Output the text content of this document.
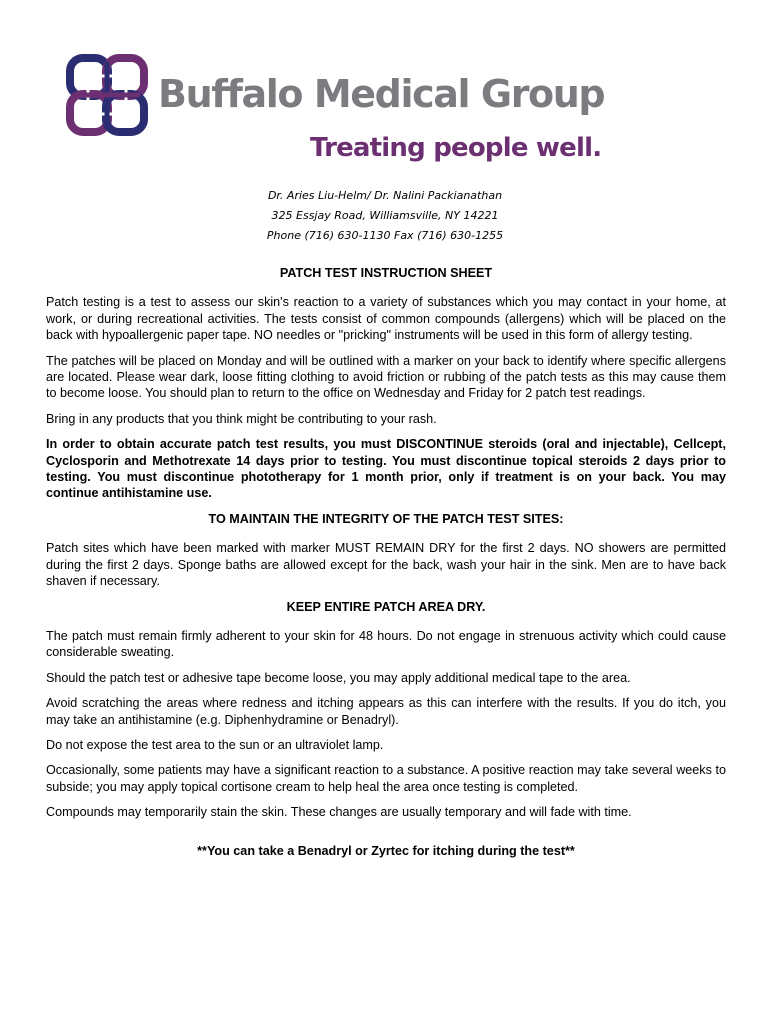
Buffalo Medical Group
Treating people well.
Dr. Aries Liu-Helm/ Dr. Nalini Packianathan
325 Essjay Road, Williamsville, NY 14221
Phone (716) 630-1130 Fax (716) 630-1255

PATCH TEST INSTRUCTION SHEET

Patch testing is a test to assess our skin's reaction to a variety of substances which you may contact in your home, at work, or during recreational activities. The tests consist of common compounds (allergens) which will be placed on the back with hypoallergenic paper tape. NO needles or "pricking" instruments will be used in this form of allergy testing.

The patches will be placed on Monday and will be outlined with a marker on your back to identify where specific allergens are located. Please wear dark, loose fitting clothing to avoid friction or rubbing of the patch tests as this may cause them to become loose. You should plan to return to the office on Wednesday and Friday for 2 patch test readings.

Bring in any products that you think might be contributing to your rash.

In order to obtain accurate patch test results, you must DISCONTINUE steroids (oral and injectable), Cellcept, Cyclosporin and Methotrexate 14 days prior to testing. You must discontinue topical steroids 2 days prior to testing. You must discontinue phototherapy for 1 month prior, only if treatment is on your back. You may continue antihistamine use.

TO MAINTAIN THE INTEGRITY OF THE PATCH TEST SITES:

Patch sites which have been marked with marker MUST REMAIN DRY for the first 2 days. NO showers are permitted during the first 2 days. Sponge baths are allowed except for the back, wash your hair in the sink. Men are to have back shaven if necessary.

KEEP ENTIRE PATCH AREA DRY.

The patch must remain firmly adherent to your skin for 48 hours. Do not engage in strenuous activity which could cause considerable sweating.

Should the patch test or adhesive tape become loose, you may apply additional medical tape to the area.

Avoid scratching the areas where redness and itching appears as this can interfere with the results. If you do itch, you may take an antihistamine (e.g. Diphenhydramine or Benadryl).

Do not expose the test area to the sun or an ultraviolet lamp.

Occasionally, some patients may have a significant reaction to a substance. A positive reaction may take several weeks to subside; you may apply topical cortisone cream to help heal the area once testing is completed.

Compounds may temporarily stain the skin. These changes are usually temporary and will fade with time.

**You can take a Benadryl or Zyrtec for itching during the test**
